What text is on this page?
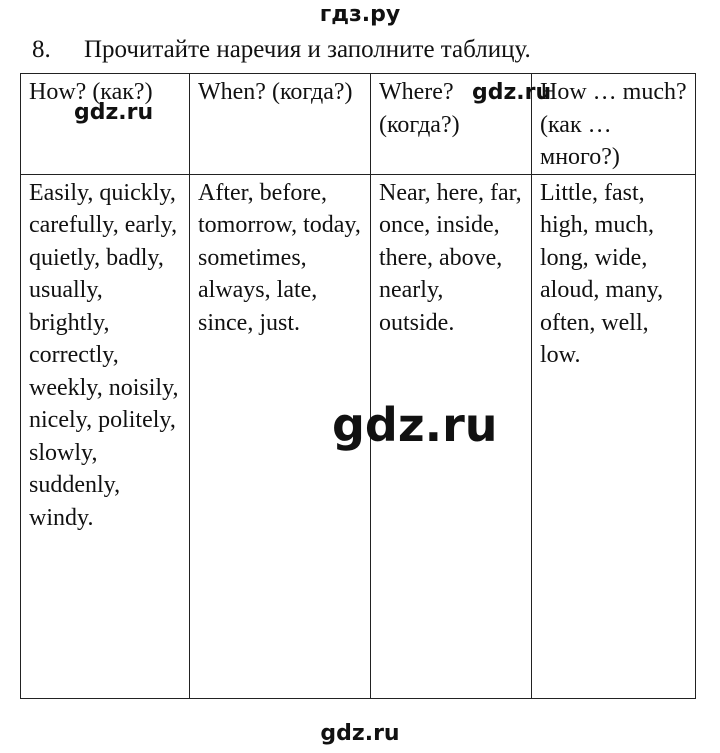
гдз.ру
8. Прочитайте наречия и заполните таблицу.
How? (как?)	When? (когда?)	Where? (когда?)	How … much? (как … много?)
Easily, quickly, carefully, early, quietly, badly, usually, brightly, correctly, weekly, noisily, nicely, politely, slowly, suddenly, windy.	After, before, tomorrow, today, sometimes, always, late, since, just.	Near, here, far, once, inside, there, above, nearly, outside.	Little, fast, high, much, long, wide, aloud, many, often, well, low.
gdz.ru
gdz.ru
gdz.ru
gdz.ru
